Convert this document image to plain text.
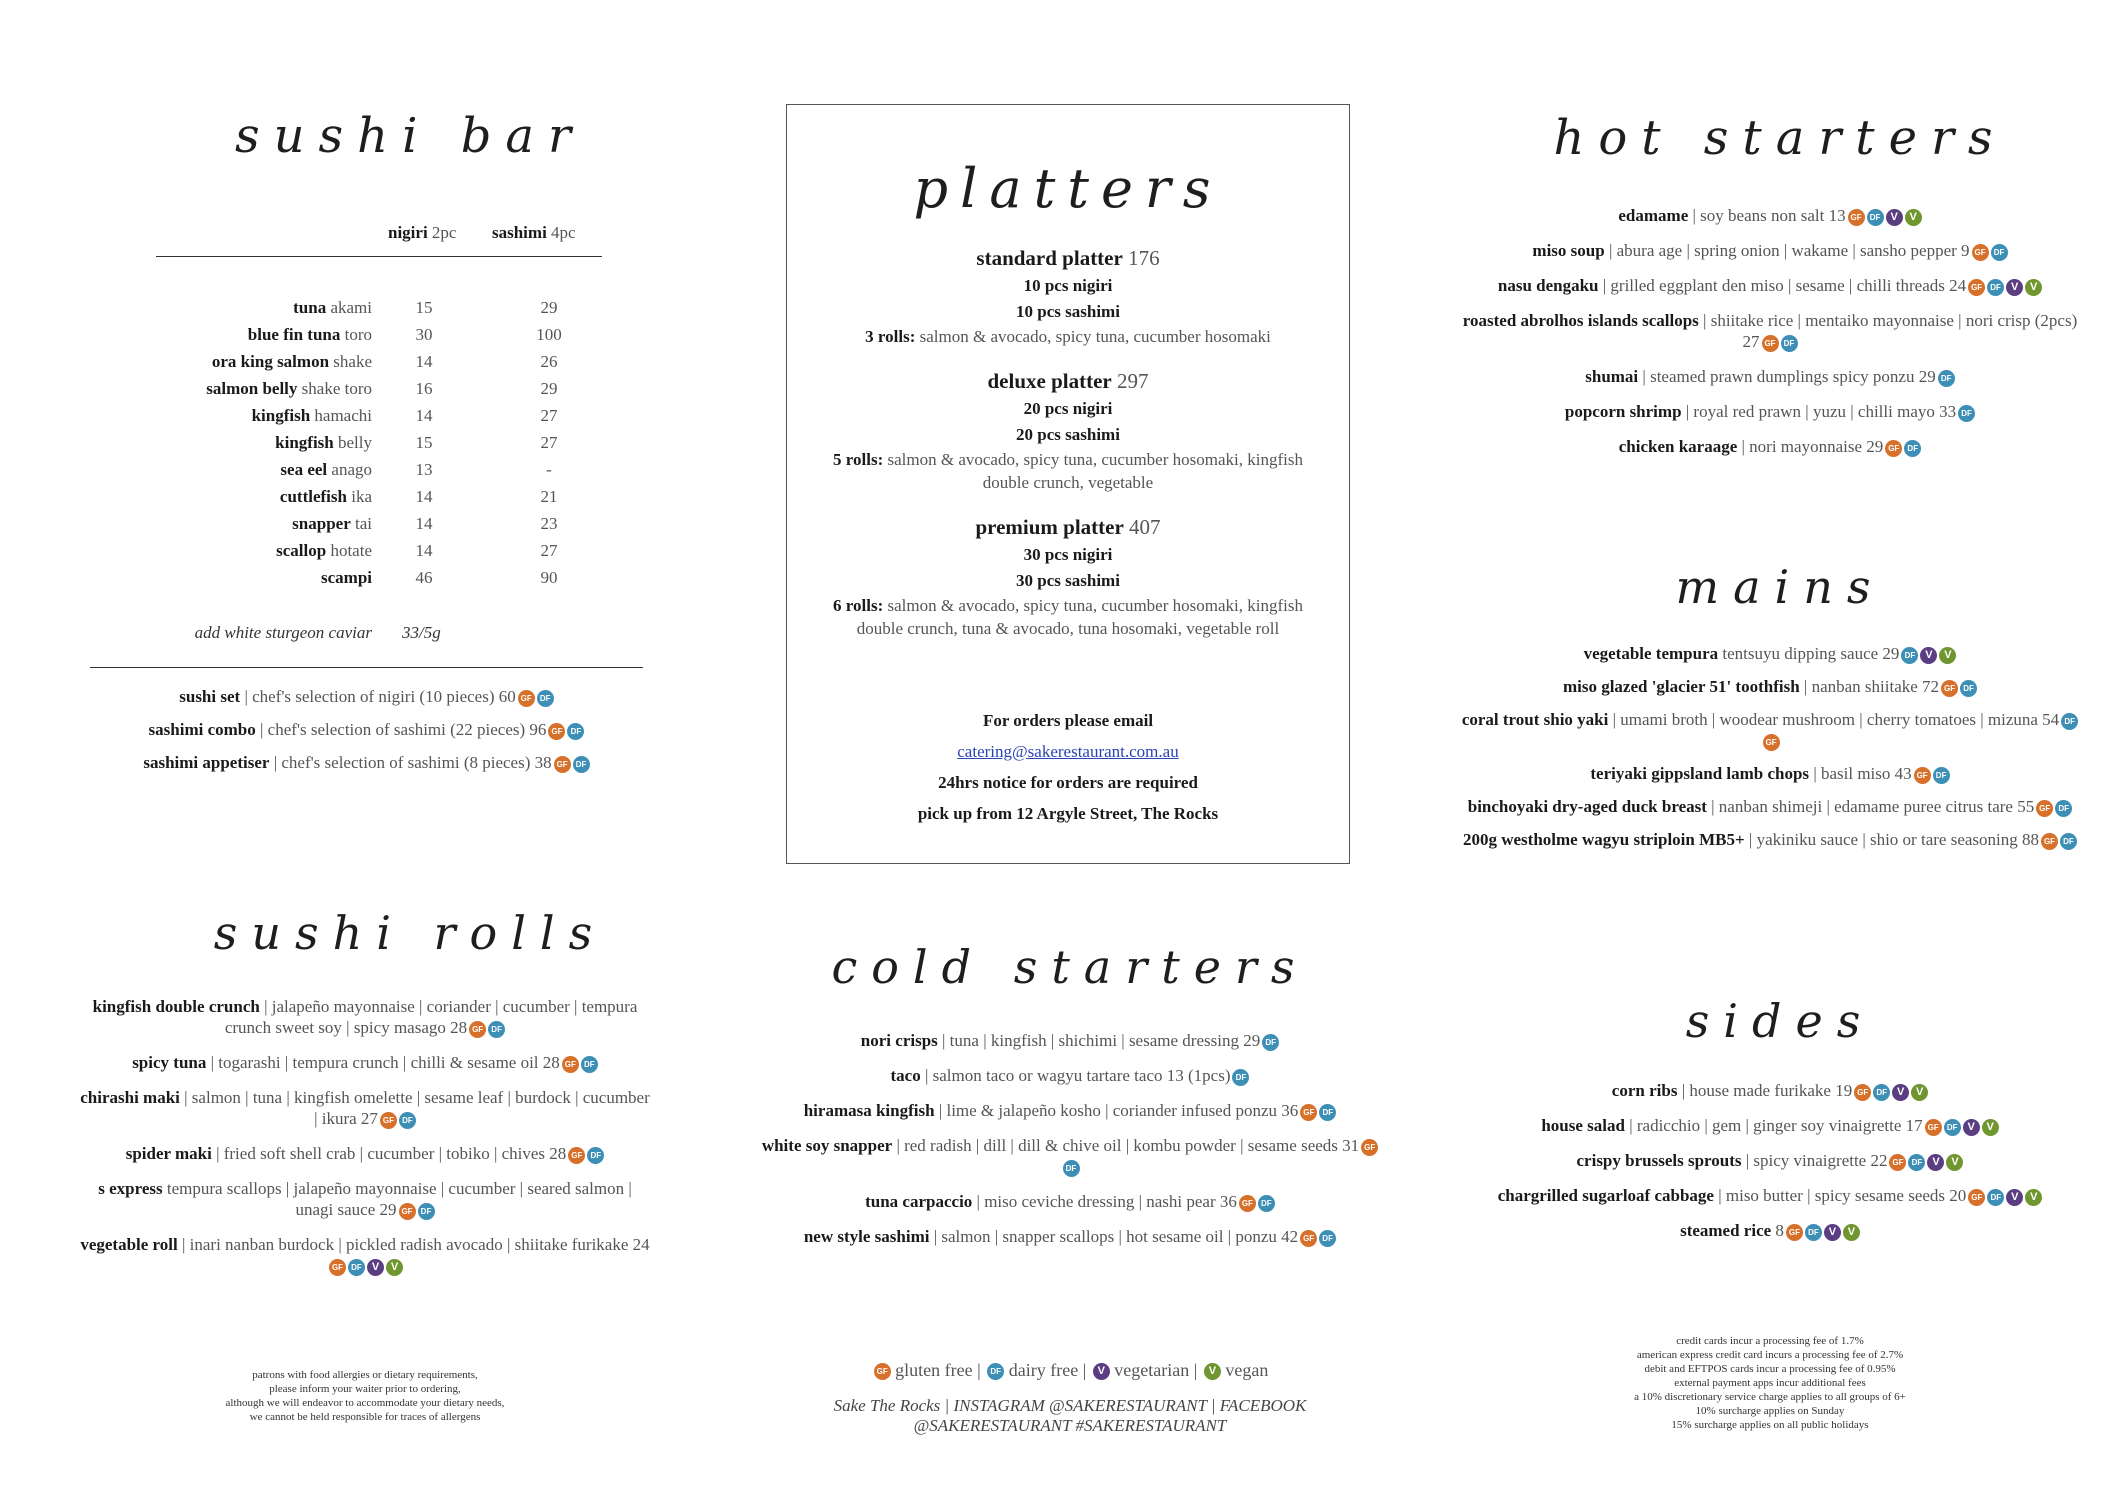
sushi bar
nigiri 2pc	sashimi 4pc
tuna akami	15	29
blue fin tuna toro	30	100
ora king salmon shake	14	26
salmon belly shake toro	16	29
kingfish hamachi	14	27
kingfish belly	15	27
sea eel anago	13	-
cuttlefish ika	14	21
snapper tai	14	23
scallop hotate	14	27
scampi	46	90
add white sturgeon caviar 33/5g
sushi set | chef's selection of nigiri (10 pieces) 60 GF DF
sashimi combo | chef's selection of sashimi (22 pieces) 96 GF DF
sashimi appetiser | chef's selection of sashimi (8 pieces) 38 GF DF
sushi rolls
kingfish double crunch | jalapeño mayonnaise | coriander | cucumber | tempura crunch sweet soy | spicy masago 28 GF DF
spicy tuna | togarashi | tempura crunch | chilli & sesame oil 28 GF DF
chirashi maki | salmon | tuna | kingfish omelette | sesame leaf | burdock | cucumber | ikura 27 GF DF
spider maki | fried soft shell crab | cucumber | tobiko | chives 28 GF DF
s express tempura scallops | jalapeño mayonnaise | cucumber | seared salmon | unagi sauce 29 GF DF
vegetable roll | inari nanban burdock | pickled radish avocado | shiitake furikake 24GF DF V V
patrons with food allergies or dietary requirements,
please inform your waiter prior to ordering,
although we will endeavor to accommodate your dietary needs,
we cannot be held responsible for traces of allergens
platters
standard platter 176
10 pcs nigiri
10 pcs sashimi
3 rolls: salmon & avocado, spicy tuna, cucumber hosomaki
deluxe platter 297
20 pcs nigiri
20 pcs sashimi
5 rolls: salmon & avocado, spicy tuna, cucumber hosomaki, kingfish double crunch, vegetable
premium platter 407
30 pcs nigiri
30 pcs sashimi
6 rolls: salmon & avocado, spicy tuna, cucumber hosomaki, kingfish double crunch, tuna & avocado, tuna hosomaki, vegetable roll
For orders please email
catering@sakerestaurant.com.au
24hrs notice for orders are required
pick up from 12 Argyle Street, The Rocks
cold starters
nori crisps | tuna | kingfish | shichimi | sesame dressing 29 DF
taco | salmon taco or wagyu tartare taco 13 (1pcs) DF
hiramasa kingfish | lime & jalapeño kosho | coriander infused ponzu 36 GF DF
white soy snapper | red radish | dill | dill & chive oil | kombu powder | sesame seeds 31 GFDF
tuna carpaccio | miso ceviche dressing | nashi pear 36 GF DF
new style sashimi | salmon | snapper scallops | hot sesame oil | ponzu 42 GF DF
GF gluten free | DF dairy free | V vegetarian | V vegan
Sake The Rocks | INSTAGRAM @SAKERESTAURANT | FACEBOOK
@SAKERESTAURANT #SAKERESTAURANT
hot starters
edamame | soy beans non salt 13 GF DF V V
miso soup | abura age | spring onion | wakame | sansho pepper 9 GF DF
nasu dengaku | grilled eggplant den miso | sesame | chilli threads 24 GF DF V V
roasted abrolhos islands scallops | shiitake rice | mentaiko mayonnaise | nori crisp (2pcs) 27 GF DF
shumai | steamed prawn dumplings spicy ponzu 29 DF
popcorn shrimp | royal red prawn | yuzu | chilli mayo 33 DF
chicken karaage | nori mayonnaise 29 GF DF
mains
vegetable tempura tentsuyu dipping sauce 29 DF V V
miso glazed 'glacier 51' toothfish | nanban shiitake 72 GF DF
coral trout shio yaki | umami broth | woodear mushroom | cherry tomatoes | mizuna 54 DFGF
teriyaki gippsland lamb chops | basil miso 43 GF DF
binchoyaki dry-aged duck breast | nanban shimeji | edamame puree citrus tare 55 GF DF
200g westholme wagyu striploin MB5+ | yakiniku sauce | shio or tare seasoning 88 GF DF
sides
corn ribs | house made furikake 19 GF DF V V
house salad | radicchio | gem | ginger soy vinaigrette 17 GF DF V V
crispy brussels sprouts | spicy vinaigrette 22 GF DF V V
chargrilled sugarloaf cabbage | miso butter | spicy sesame seeds 20 GF DF V V
steamed rice 8 GF DF V V
credit cards incur a processing fee of 1.7%
american express credit card incurs a processing fee of 2.7%
debit and EFTPOS cards incur a processing fee of 0.95%
external payment apps incur additional fees
a 10% discretionary service charge applies to all groups of 6+
10% surcharge applies on Sunday
15% surcharge applies on all public holidays
